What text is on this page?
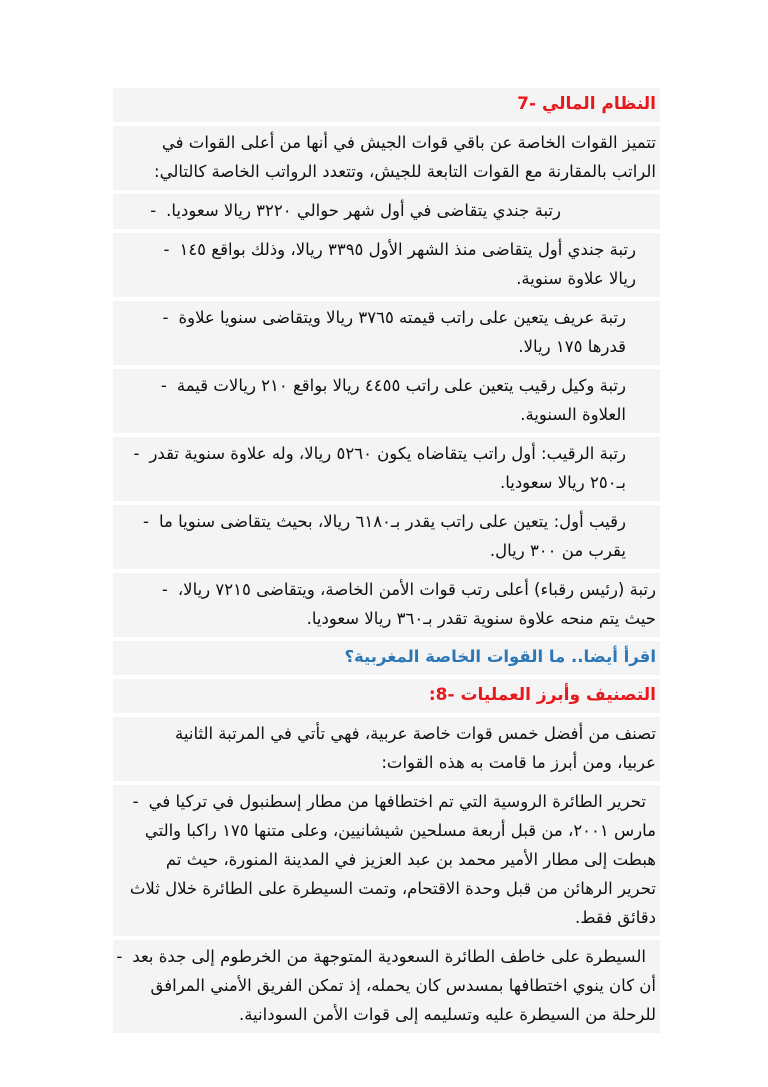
النظام المالي -7
تتميز القوات الخاصة عن باقي قوات الجيش في أنها من أعلى القوات في
الراتب بالمقارنة مع القوات التابعة للجيش، وتتعدد الرواتب الخاصة كالتالي:
رتبة جندي يتقاضى في أول شهر حوالي ٣٢٢٠ ريالا سعوديا.-
رتبة جندي أول يتقاضى منذ الشهر الأول ٣٣٩٥ ريالا، وذلك بواقع ١٤٥-
ريالا علاوة سنوية.
رتبة عريف يتعين على راتب قيمته ٣٧٦٥ ريالا ويتقاضى سنويا علاوة-
قدرها ١٧٥ ريالا.
رتبة وكيل رقيب يتعين على راتب ٤٤٥٥ ريالا بواقع ٢١٠ ريالات قيمة-
العلاوة السنوية.
رتبة الرقيب: أول راتب يتقاضاه يكون ٥٢٦٠ ريالا، وله علاوة سنوية تقدر-
بـ٢٥٠ ريالا سعوديا.
رقيب أول: يتعين على راتب يقدر بـ٦١٨٠ ريالا، بحيث يتقاضى سنويا ما-
يقرب من ٣٠٠ ريال.
رتبة (رئيس رقباء) أعلى رتب قوات الأمن الخاصة، ويتقاضى ٧٢١٥ ريالا،-
حيث يتم منحه علاوة سنوية تقدر بـ٣٦٠ ريالا سعوديا.
اقرأ أيضا.. ما القوات الخاصة المغربية؟
التصنيف وأبرز العمليات -8:
تصنف من أفضل خمس قوات خاصة عربية، فهي تأتي في المرتبة الثانية
عربيا، ومن أبرز ما قامت به هذه القوات:
تحرير الطائرة الروسية التي تم اختطافها من مطار إسطنبول في تركيا في-
مارس ٢٠٠١، من قبل أربعة مسلحين شيشانيين، وعلى متنها ١٧٥ راكبا والتي
هبطت إلى مطار الأمير محمد بن عبد العزيز في المدينة المنورة، حيث تم
تحرير الرهائن من قبل وحدة الاقتحام، وتمت السيطرة على الطائرة خلال ثلاث
دقائق فقط.
السيطرة على خاطف الطائرة السعودية المتوجهة من الخرطوم إلى جدة بعد-
أن كان ينوي اختطافها بمسدس كان يحمله، إذ تمكن الفريق الأمني المرافق
للرحلة من السيطرة عليه وتسليمه إلى قوات الأمن السودانية.
